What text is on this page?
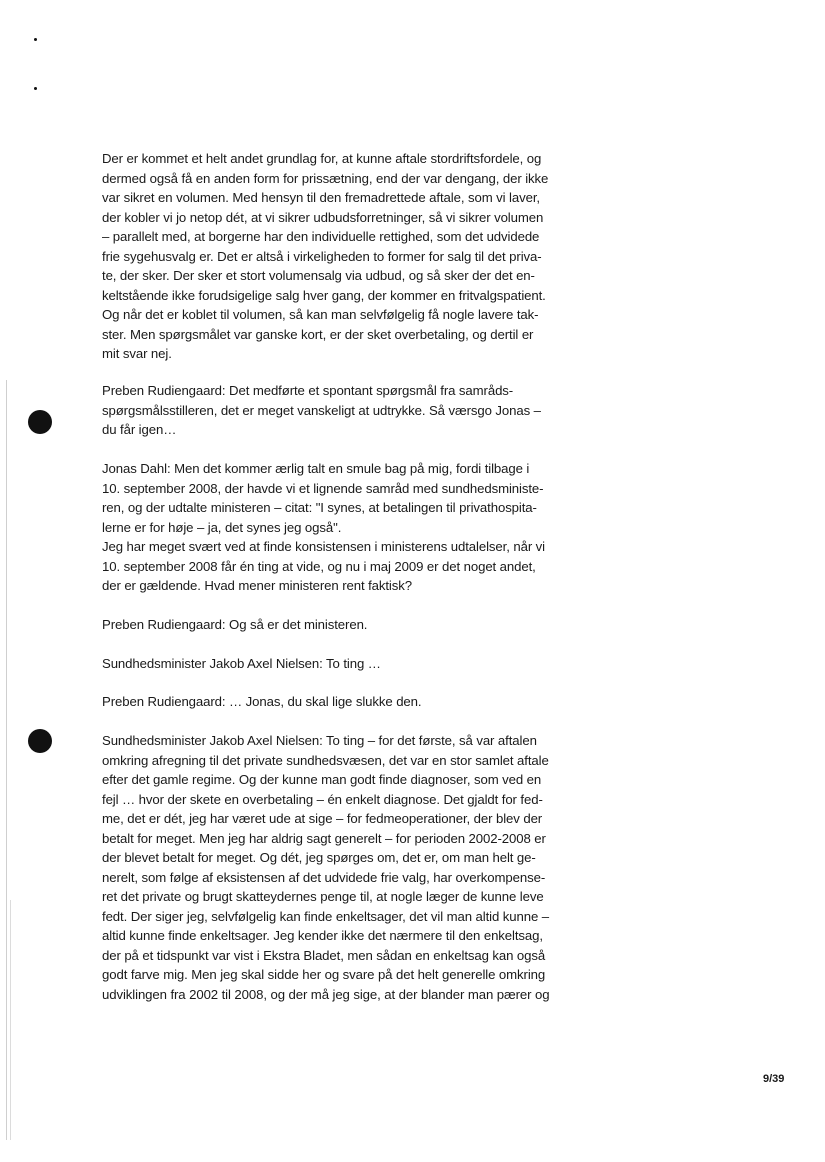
Der er kommet et helt andet grundlag for, at kunne aftale stordriftsfordele, og
dermed også få en anden form for prissætning, end der var dengang, der ikke
var sikret en volumen. Med hensyn til den fremadrettede aftale, som vi laver,
der kobler vi jo netop dét, at vi sikrer udbudsforretninger, så vi sikrer volumen
– parallelt med, at borgerne har den individuelle rettighed, som det udvidede
frie sygehusvalg er. Det er altså i virkeligheden to former for salg til det priva-
te, der sker. Der sker et stort volumensalg via udbud, og så sker der det en-
keltstående ikke forudsigelige salg hver gang, der kommer en fritvalgspatient.
Og når det er koblet til volumen, så kan man selvfølgelig få nogle lavere tak-
ster. Men spørgsmålet var ganske kort, er der sket overbetaling, og dertil er
mit svar nej.
Preben Rudiengaard: Det medførte et spontant spørgsmål fra samråds-
spørgsmålsstilleren, det er meget vanskeligt at udtrykke. Så værsgo Jonas –
du får igen…
Jonas Dahl: Men det kommer ærlig talt en smule bag på mig, fordi tilbage i
10. september 2008, der havde vi et lignende samråd med sundhedsministe-
ren, og der udtalte ministeren – citat: "I synes, at betalingen til privathospita-
lerne er for høje – ja, det synes jeg også".
Jeg har meget svært ved at finde konsistensen i ministerens udtalelser, når vi
10. september 2008 får én ting at vide, og nu i maj 2009 er det noget andet,
der er gældende. Hvad mener ministeren rent faktisk?
Preben Rudiengaard: Og så er det ministeren.
Sundhedsminister Jakob Axel Nielsen: To ting …
Preben Rudiengaard: … Jonas, du skal lige slukke den.
Sundhedsminister Jakob Axel Nielsen: To ting – for det første, så var aftalen
omkring afregning til det private sundhedsvæsen, det var en stor samlet aftale
efter det gamle regime. Og der kunne man godt finde diagnoser, som ved en
fejl … hvor der skete en overbetaling – én enkelt diagnose. Det gjaldt for fed-
me, det er dét, jeg har været ude at sige – for fedmeoperationer, der blev der
betalt for meget. Men jeg har aldrig sagt generelt – for perioden 2002-2008 er
der blevet betalt for meget. Og dét, jeg spørges om, det er, om man helt ge-
nerelt, som følge af eksistensen af det udvidede frie valg, har overkompense-
ret det private og brugt skatteydernes penge til, at nogle læger de kunne leve
fedt. Der siger jeg, selvfølgelig kan finde enkeltsager, det vil man altid kunne –
altid kunne finde enkeltsager. Jeg kender ikke det nærmere til den enkeltsag,
der på et tidspunkt var vist i Ekstra Bladet, men sådan en enkeltsag kan også
godt farve mig. Men jeg skal sidde her og svare på det helt generelle omkring
udviklingen fra 2002 til 2008, og der må jeg sige, at der blander man pærer og
9/39
